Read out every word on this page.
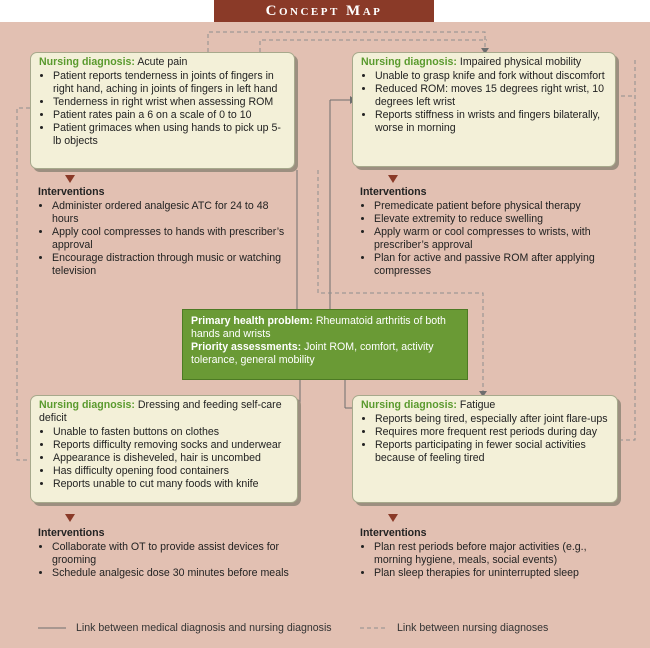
Concept Map
Nursing diagnosis: Acute pain
• Patient reports tenderness in joints of fingers in right hand, aching in joints of fingers in left hand
• Tenderness in right wrist when assessing ROM
• Patient rates pain a 6 on a scale of 0 to 10
• Patient grimaces when using hands to pick up 5-lb objects
Interventions
• Administer ordered analgesic ATC for 24 to 48 hours
• Apply cool compresses to hands with prescriber’s approval
• Encourage distraction through music or watching television
Nursing diagnosis: Impaired physical mobility
• Unable to grasp knife and fork without discomfort
• Reduced ROM: moves 15 degrees right wrist, 10 degrees left wrist
• Reports stiffness in wrists and fingers bilaterally, worse in morning
Interventions
• Premedicate patient before physical therapy
• Elevate extremity to reduce swelling
• Apply warm or cool compresses to wrists, with prescriber’s approval
• Plan for active and passive ROM after applying compresses
Primary health problem: Rheumatoid arthritis of both hands and wrists
Priority assessments: Joint ROM, comfort, activity tolerance, general mobility
Nursing diagnosis: Dressing and feeding self-care deficit
• Unable to fasten buttons on clothes
• Reports difficulty removing socks and underwear
• Appearance is disheveled, hair is uncombed
• Has difficulty opening food containers
• Reports unable to cut many foods with knife
Interventions
• Collaborate with OT to provide assist devices for grooming
• Schedule analgesic dose 30 minutes before meals
Nursing diagnosis: Fatigue
• Reports being tired, especially after joint flare-ups
• Requires more frequent rest periods during day
• Reports participating in fewer social activities because of feeling tired
Interventions
• Plan rest periods before major activities (e.g., morning hygiene, meals, social events)
• Plan sleep therapies for uninterrupted sleep
Link between medical diagnosis and nursing diagnosis	Link between nursing diagnoses
